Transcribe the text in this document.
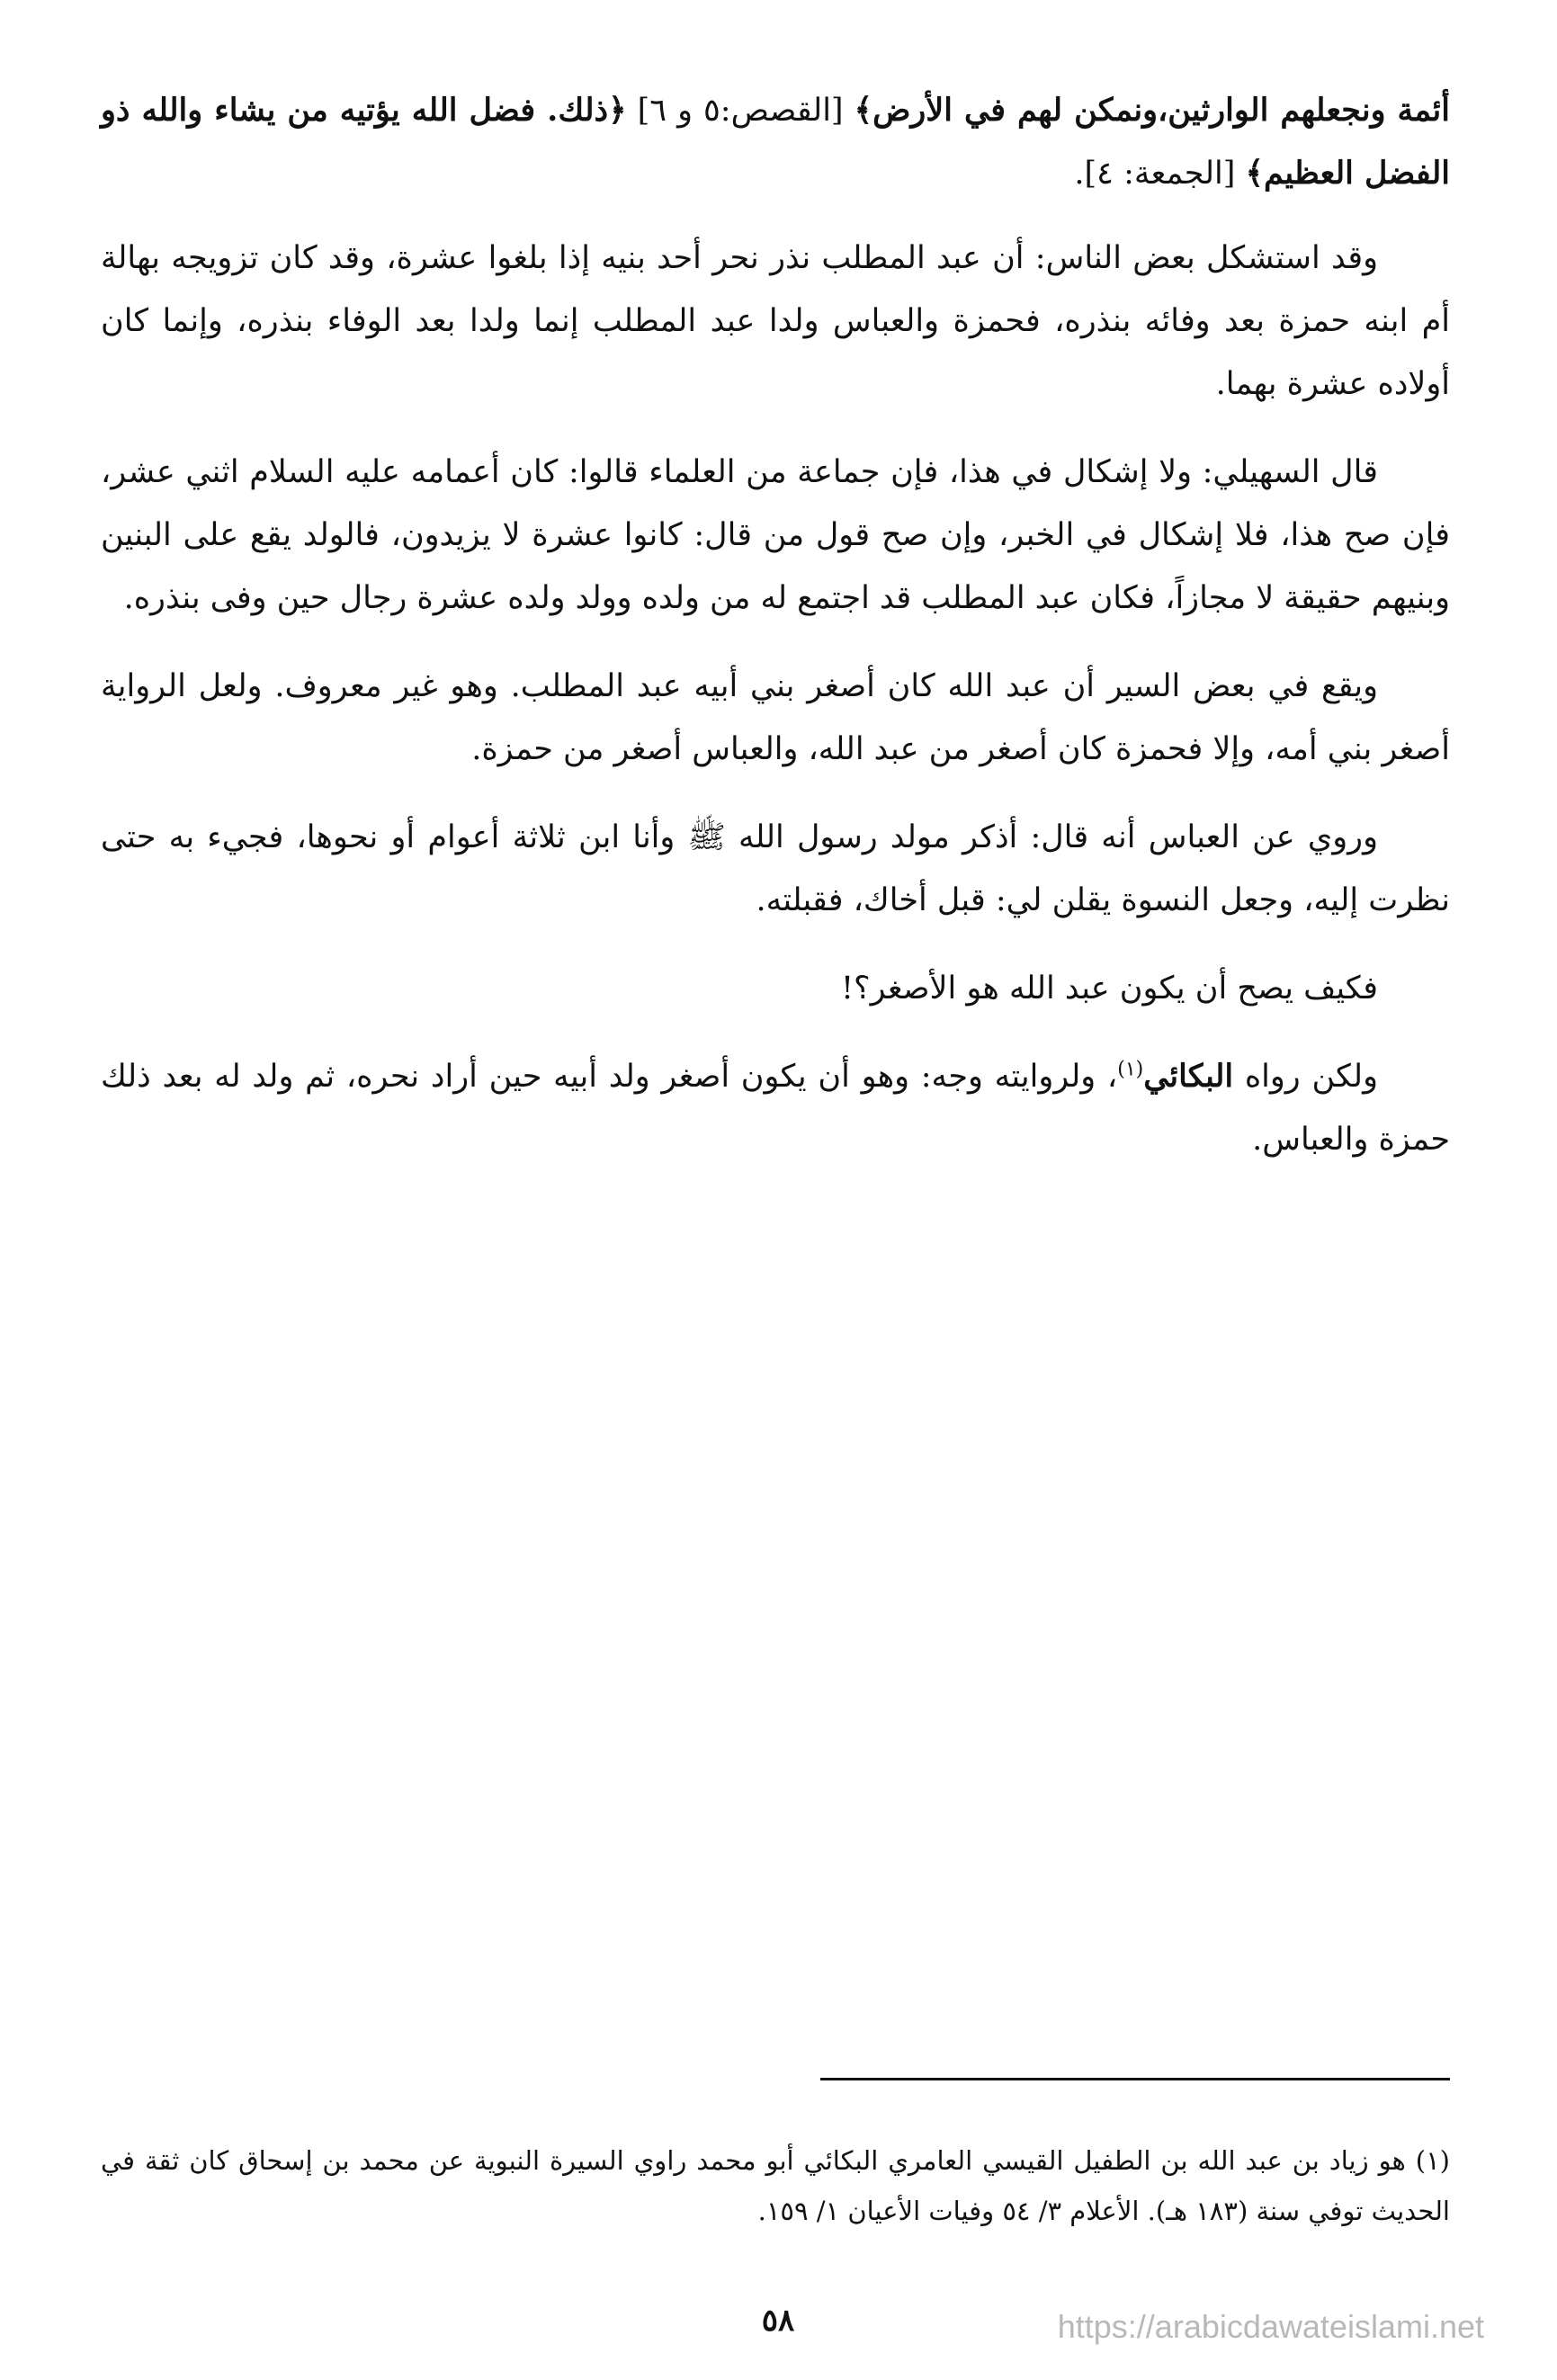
أئمة ونجعلهم الوارثين،ونمكن لهم في الأرض﴾ [القصص:٥ و ٦] ﴿ذلك. فضل الله يؤتيه من يشاء والله ذو الفضل العظيم﴾ [الجمعة: ٤].

وقد استشكل بعض الناس: أن عبد المطلب نذر نحر أحد بنيه إذا بلغوا عشرة، وقد كان تزويجه بهالة أم ابنه حمزة بعد وفائه بنذره، فحمزة والعباس ولدا عبد المطلب إنما ولدا بعد الوفاء بنذره، وإنما كان أولاده عشرة بهما.

قال السهيلي: ولا إشكال في هذا، فإن جماعة من العلماء قالوا: كان أعمامه عليه السلام اثني عشر، فإن صح هذا، فلا إشكال في الخبر، وإن صح قول من قال: كانوا عشرة لا يزيدون، فالولد يقع على البنين وبنيهم حقيقة لا مجازاً، فكان عبد المطلب قد اجتمع له من ولده وولد ولده عشرة رجال حين وفى بنذره.

ويقع في بعض السير أن عبد الله كان أصغر بني أبيه عبد المطلب. وهو غير معروف. ولعل الرواية أصغر بني أمه، وإلا فحمزة كان أصغر من عبد الله، والعباس أصغر من حمزة.

وروي عن العباس أنه قال: أذكر مولد رسول الله ﷺ وأنا ابن ثلاثة أعوام أو نحوها، فجيء به حتى نظرت إليه، وجعل النسوة يقلن لي: قبل أخاك، فقبلته.

فكيف يصح أن يكون عبد الله هو الأصغر؟!

ولكن رواه البكائي$^{(١)}$، ولروايته وجه: وهو أن يكون أصغر ولد أبيه حين أراد نحره، ثم ولد له بعد ذلك حمزة والعباس.

(١) هو زياد بن عبد الله بن الطفيل القيسي العامري البكائي أبو محمد راوي السيرة النبوية عن محمد بن إسحاق كان ثقة في الحديث توفي سنة (١٨٣ هـ). الأعلام ٣/ ٥٤ وفيات الأعيان ١/ ١٥٩.

٥٨	https://arabicdawateislami.net
